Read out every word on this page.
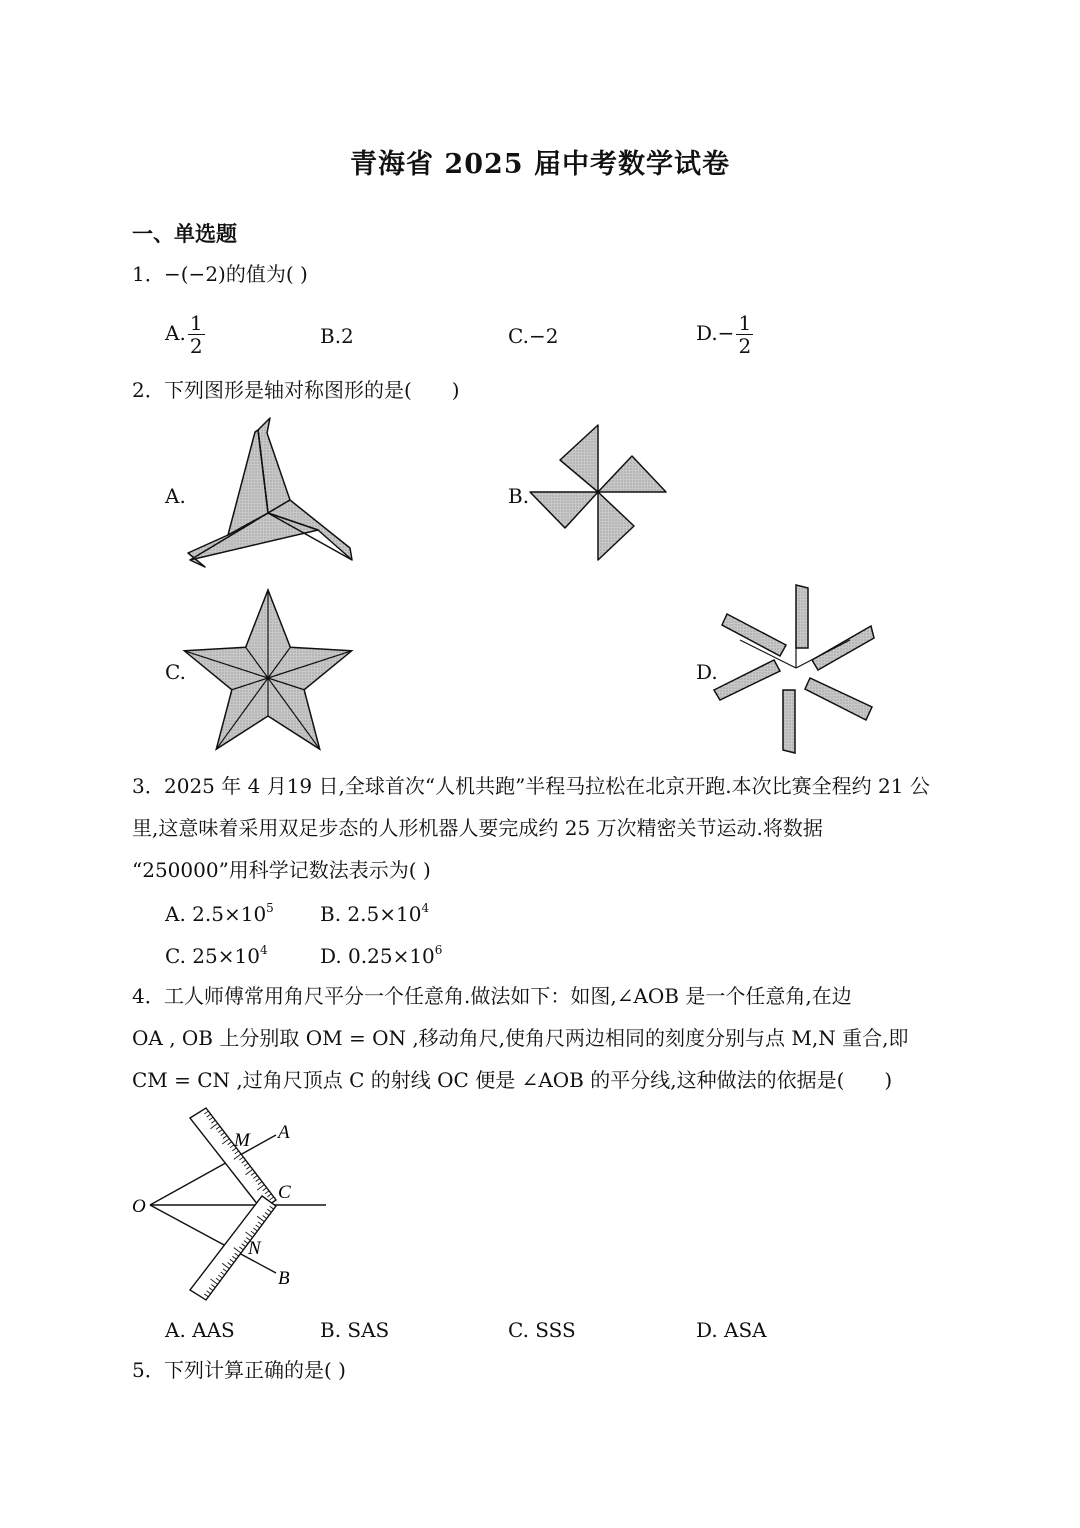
青海省 2025 届中考数学试卷
一、单选题
1．−(−2)的值为( )
A. $\frac{1}{2}$	B.2	C.−2	$D.- \frac{1}{2}$
2．下列图形是轴对称图形的是(　　)
A.	B.
C.	D.
3．2025 年 4 月19 日,全球首次“人机共跑”半程马拉松在北京开跑.本次比赛全程约 21 公
里,这意味着采用双足步态的人形机器人要完成约 25 万次精密关节运动.将数据
“250000”用科学记数法表示为( )
A. $2.5\times 10^5$ B. $2.5\times 10^4$
C. $25\times 10^4$	D. $0.25\times 10^6$
4．工人师傅常用角尺平分一个任意角.做法如下：如图,∠AOB 是一个任意角,在边
OA , OB 上分别取 OM = ON ,移动角尺,使角尺两边相同的刻度分别与点 M,N 重合,即
CM = CN ,过角尺顶点 C 的射线 OC 便是 ∠AOB 的平分线,这种做法的依据是(　　)
O
A
B
C
M
N
A. AAS	B. SAS	C. SSS	D. ASA
5．下列计算正确的是( )
